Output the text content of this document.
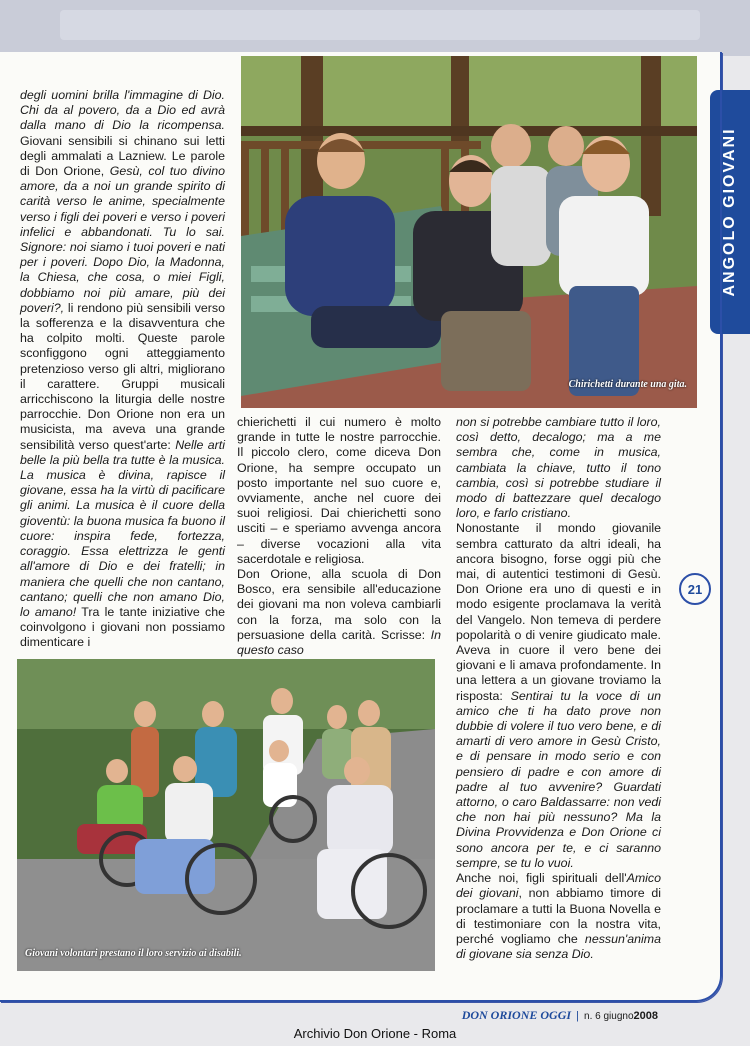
Chirichetti durante una gita.
ANGOLO GIOVANI

degli uomini brilla l'immagine di Dio. Chi da al povero, da a Dio ed avrà dalla mano di Dio la ricompensa. Giovani sensibili si chinano sui letti degli ammalati a Lazniew. Le parole di Don Orione, Gesù, col tuo divino amore, da a noi un grande spirito di carità verso le anime, specialmente verso i figli dei poveri e verso i poveri infelici e abbandonati. Tu lo sai. Signore: noi siamo i tuoi poveri e nati per i poveri. Dopo Dio, la Madonna, la Chiesa, che cosa, o miei Figli, dobbiamo noi più amare, più dei poveri?, li rendono più sensibili verso la sofferenza e la disavventura che ha colpito molti. Queste parole sconfiggono ogni atteggiamento pretenzioso verso gli altri, migliorano il carattere. Gruppi musicali arricchiscono la liturgia delle nostre parrocchie. Don Orione non era un musicista, ma aveva una grande sensibilità verso quest'arte: Nelle arti belle la più bella tra tutte è la musica. La musica è divina, rapisce il giovane, essa ha la virtù di pacificare gli animi. La musica è il cuore della gioventù: la buona musica fa buono il cuore: inspira fede, fortezza, coraggio. Essa elettrizza le genti all'amore di Dio e dei fratelli; in maniera che quelli che non cantano, cantano; quelli che non amano Dio, lo amano! Tra le tante iniziative che coinvolgono i giovani non possiamo dimenticare i

chierichetti il cui numero è molto grande in tutte le nostre parrocchie. Il piccolo clero, come diceva Don Orione, ha sempre occupato un posto importante nel suo cuore e, ovviamente, anche nel cuore dei suoi religiosi. Dai chierichetti sono usciti – e speriamo avvenga ancora – diverse vocazioni alla vita sacerdotale e religiosa.

Don Orione, alla scuola di Don Bosco, era sensibile all'educazione dei giovani ma non voleva cambiarli con la forza, ma solo con la persuasione della carità. Scrisse: In questo caso

non si potrebbe cambiare tutto il loro, così detto, decalogo; ma a me sembra che, come in musica, cambiata la chiave, tutto il tono cambia, così si potrebbe studiare il modo di battezzare quel decalogo loro, e farlo cristiano.

Nonostante il mondo giovanile sembra catturato da altri ideali, ha ancora bisogno, forse oggi più che mai, di autentici testimoni di Gesù. Don Orione era uno di questi e in modo esigente proclamava la verità del Vangelo. Non temeva di perdere popolarità o di venire giudicato male. Aveva in cuore il vero bene dei giovani e li amava profondamente. In una lettera a un giovane troviamo la risposta: Sentirai tu la voce di un amico che ti ha dato prove non dubbie di volere il tuo vero bene, e di amarti di vero amore in Gesù Cristo, e di pensare in modo serio e con pensiero di padre e con amore di padre al tuo avvenire? Guardati attorno, o caro Baldassarre: non vedi che non hai più nessuno? Ma la Divina Provvidenza e Don Orione ci sono ancora per te, e ci saranno sempre, se tu lo vuoi.

Anche noi, figli spirituali dell'Amico dei giovani, non abbiamo timore di proclamare a tutti la Buona Novella e di testimoniare con la nostra vita, perché vogliamo che nessun'anima di giovane sia senza Dio.

Giovani volontari prestano il loro servizio ai disabili.
21
DON ORIONE OGGI | n. 6 giugno2008
Archivio Don Orione - Roma
